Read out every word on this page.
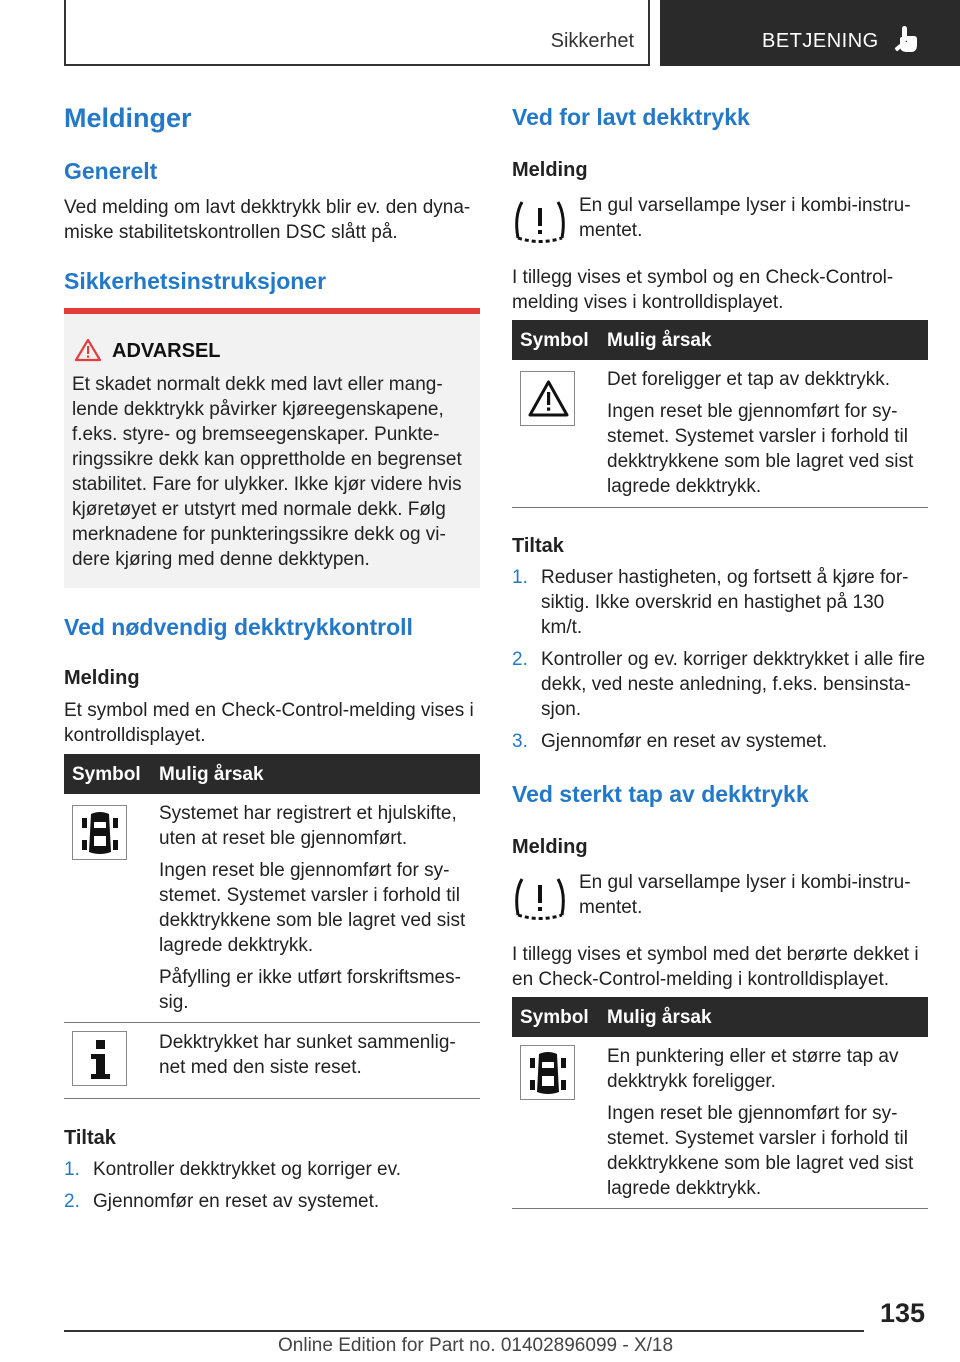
Sikkerhet	BETJENING
Meldinger
Generelt
Ved melding om lavt dekktrykk blir ev. den dyna-miske stabilitetskontrollen DSC slått på.
Sikkerhetsinstruksjoner
ADVARSEL
Et skadet normalt dekk med lavt eller mang-lende dekktrykk påvirker kjøreegenskapene, f.eks. styre- og bremseegenskaper. Punkte-ringssikre dekk kan opprettholde en begrenset stabilitet. Fare for ulykker. Ikke kjør videre hvis kjøretøyet er utstyrt med normale dekk. Følg merknadene for punkteringssikre dekk og vi-dere kjøring med denne dekktypen.
Ved nødvendig dekktrykkontroll
Melding
Et symbol med en Check-Control-melding vises i kontrolldisplayet.
Symbol Mulig årsak

Systemet har registrert et hjulskifte, uten at reset ble gjennomført.

Ingen reset ble gjennomført for sy-stemet. Systemet varsler i forhold til dekktrykkene som ble lagret ved sist lagrede dekktrykk.

Påfylling er ikke utført forskriftsmes-sig.

Dekktrykket har sunket sammenlig-net med den siste reset.

Tiltak
1. Kontroller dekktrykket og korriger ev.
2. Gjennomfør en reset av systemet.
Ved for lavt dekktrykk
Melding
En gul varsellampe lyser i kombi-instru-mentet.
I tillegg vises et symbol og en Check-Control-melding vises i kontrolldisplayet.
Symbol Mulig årsak

Det foreligger et tap av dekktrykk.

Ingen reset ble gjennomført for sy-stemet. Systemet varsler i forhold til dekktrykkene som ble lagret ved sist lagrede dekktrykk.

Tiltak
1. Reduser hastigheten, og fortsett å kjøre for-siktig. Ikke overskrid en hastighet på 130 km/t.
2. Kontroller og ev. korriger dekktrykket i alle fire dekk, ved neste anledning, f.eks. bensinsta-sjon.
3. Gjennomfør en reset av systemet.
Ved sterkt tap av dekktrykk
Melding
En gul varsellampe lyser i kombi-instru-mentet.
I tillegg vises et symbol med det berørte dekket i en Check-Control-melding i kontrolldisplayet.
Symbol Mulig årsak

En punktering eller et større tap av dekktrykk foreligger.

Ingen reset ble gjennomført for sy-stemet. Systemet varsler i forhold til dekktrykkene som ble lagret ved sist lagrede dekktrykk.

135
Online Edition for Part no. 01402896099 - X/18
